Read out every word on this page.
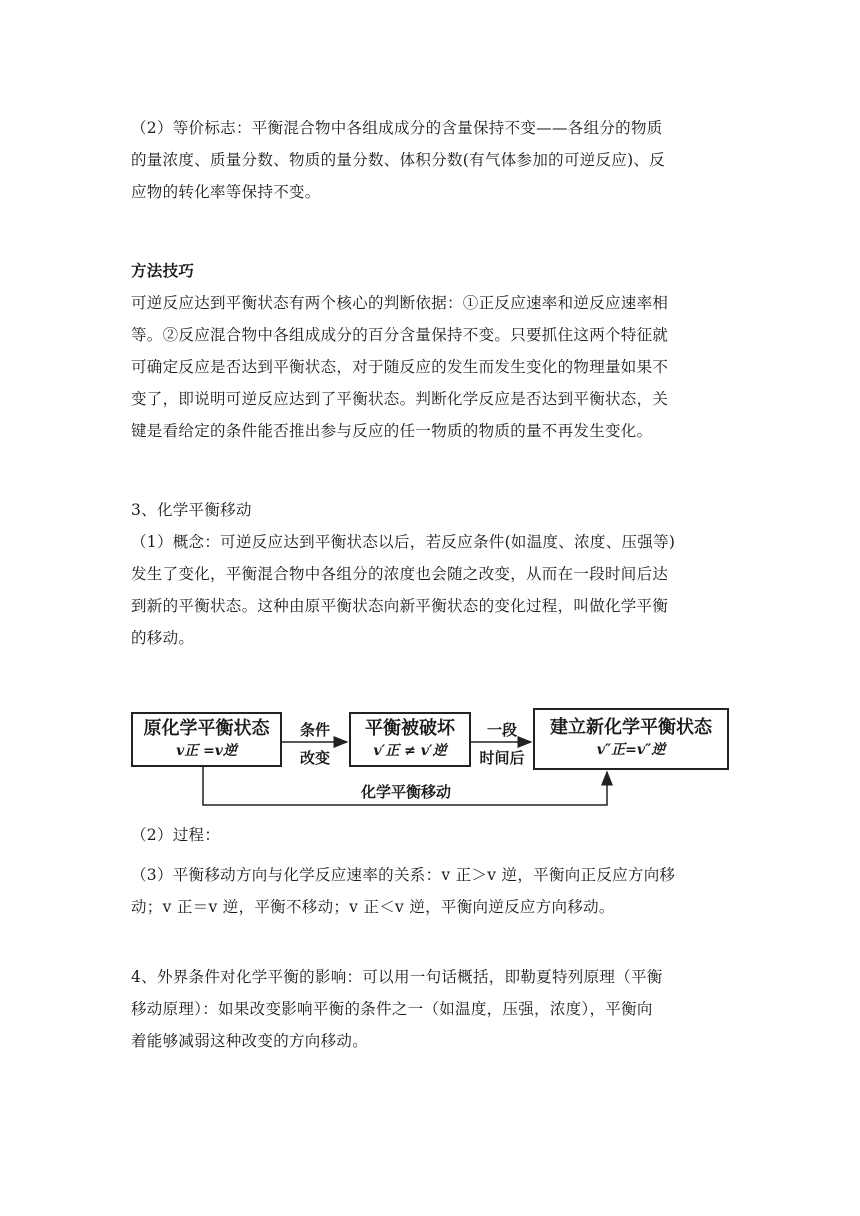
（2）等价标志：平衡混合物中各组成成分的含量保持不变——各组分的物质
的量浓度、质量分数、物质的量分数、体积分数(有气体参加的可逆反应)、反
应物的转化率等保持不变。

方法技巧
可逆反应达到平衡状态有两个核心的判断依据：①正反应速率和逆反应速率相
等。②反应混合物中各组成成分的百分含量保持不变。只要抓住这两个特征就
可确定反应是否达到平衡状态，对于随反应的发生而发生变化的物理量如果不
变了，即说明可逆反应达到了平衡状态。判断化学反应是否达到平衡状态，关
键是看给定的条件能否推出参与反应的任一物质的物质的量不再发生变化。

3、化学平衡移动
（1）概念：可逆反应达到平衡状态以后，若反应条件(如温度、浓度、压强等)
发生了变化，平衡混合物中各组分的浓度也会随之改变，从而在一段时间后达
到新的平衡状态。这种由原平衡状态向新平衡状态的变化过程，叫做化学平衡
的移动。

原化学平衡状态
v正 =v逆
条件
改变
平衡被破坏
v′正 ≠ v′逆
一段
时间后
建立新化学平衡状态
v″正=v″逆
化学平衡移动

（2）过程：

（3）平衡移动方向与化学反应速率的关系：v 正＞v 逆，平衡向正反应方向移
动；v 正＝v 逆，平衡不移动；v 正＜v 逆，平衡向逆反应方向移动。

4、外界条件对化学平衡的影响：可以用一句话概括，即勒夏特列原理（平衡
移动原理）：如果改变影响平衡的条件之一（如温度，压强，浓度），平衡向
着能够减弱这种改变的方向移动。
